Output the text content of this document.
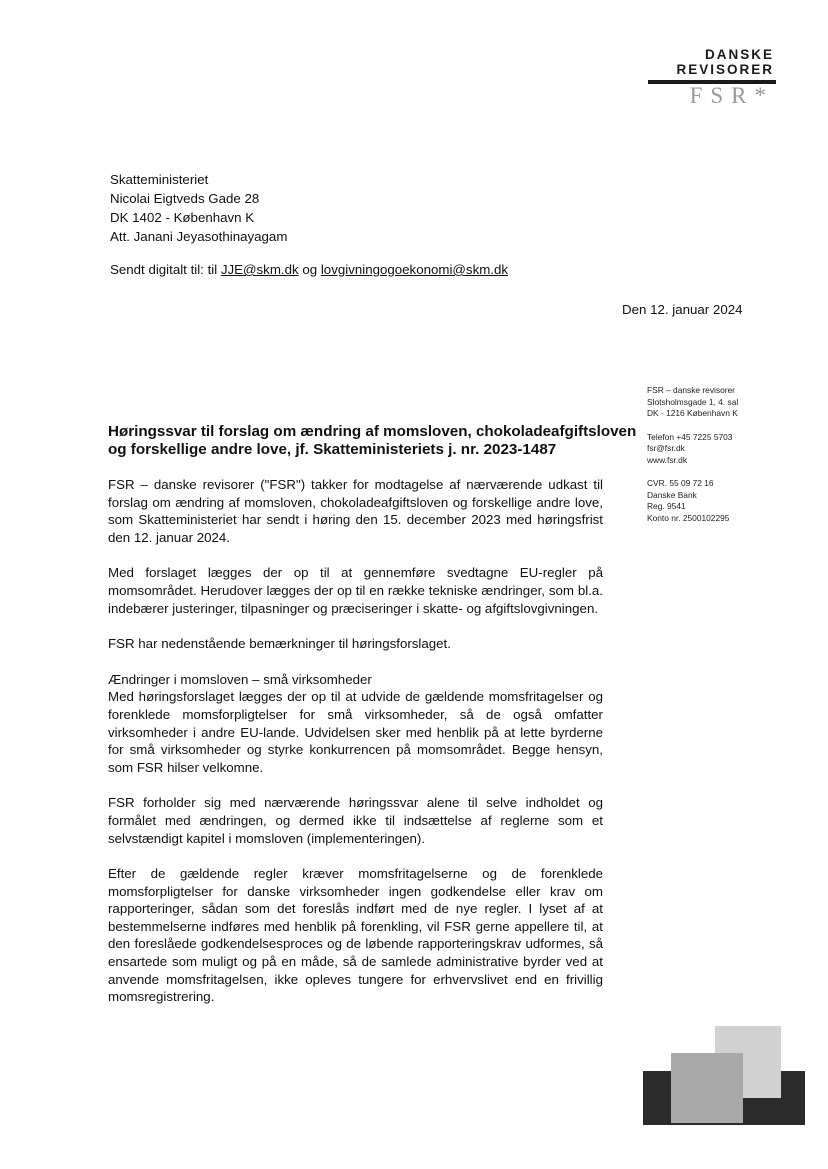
DANSKE
REVISORER
FSR*
Skatteministeriet
Nicolai Eigtveds Gade 28
DK 1402 - København K
Att. Janani Jeyasothinayagam
Sendt digitalt til: til JJE@skm.dk og lovgivningogoekonomi@skm.dk
Den 12. januar 2024
FSR – danske revisorer
Slotsholmsgade 1, 4. sal
DK - 1216 København K
Telefon +45 7225 5703
fsr@fsr.dk
www.fsr.dk
CVR. 55 09 72 16
Danske Bank
Reg. 9541
Konto nr. 2500102295
Høringssvar til forslag om ændring af momsloven, chokoladeafgiftsloven
og forskellige andre love, jf. Skatteministeriets j. nr. 2023-1487

FSR – danske revisorer ("FSR") takker for modtagelse af nærværende udkast til forslag om ændring af momsloven, chokoladeafgiftsloven og forskellige andre love, som Skatteministeriet har sendt i høring den 15. december 2023 med høringsfrist den 12. januar 2024.

Med forslaget lægges der op til at gennemføre svedtagne EU-regler på momsområdet. Herudover lægges der op til en række tekniske ændringer, som bl.a. indebærer justeringer, tilpasninger og præciseringer i skatte- og afgiftslovgivningen.

FSR har nedenstående bemærkninger til høringsforslaget.

Ændringer i momsloven – små virksomheder

Med høringsforslaget lægges der op til at udvide de gældende momsfritagelser og forenklede momsforpligtelser for små virksomheder, så de også omfatter virksomheder i andre EU-lande. Udvidelsen sker med henblik på at lette byrderne for små virksomheder og styrke konkurrencen på momsområdet. Begge hensyn, som FSR hilser velkomne.

FSR forholder sig med nærværende høringssvar alene til selve indholdet og formålet med ændringen, og dermed ikke til indsættelse af reglerne som et selvstændigt kapitel i momsloven (implementeringen).

Efter de gældende regler kræver momsfritagelserne og de forenklede momsforpligtelser for danske virksomheder ingen godkendelse eller krav om rapporteringer, sådan som det foreslås indført med de nye regler. I lyset af at bestemmelserne indføres med henblik på forenkling, vil FSR gerne appellere til, at den foreslåede godkendelsesproces og de løbende rapporteringskrav udformes, så ensartede som muligt og på en måde, så de samlede administrative byrder ved at anvende momsfritagelsen, ikke opleves tungere for erhvervslivet end en frivillig momsregistrering.
